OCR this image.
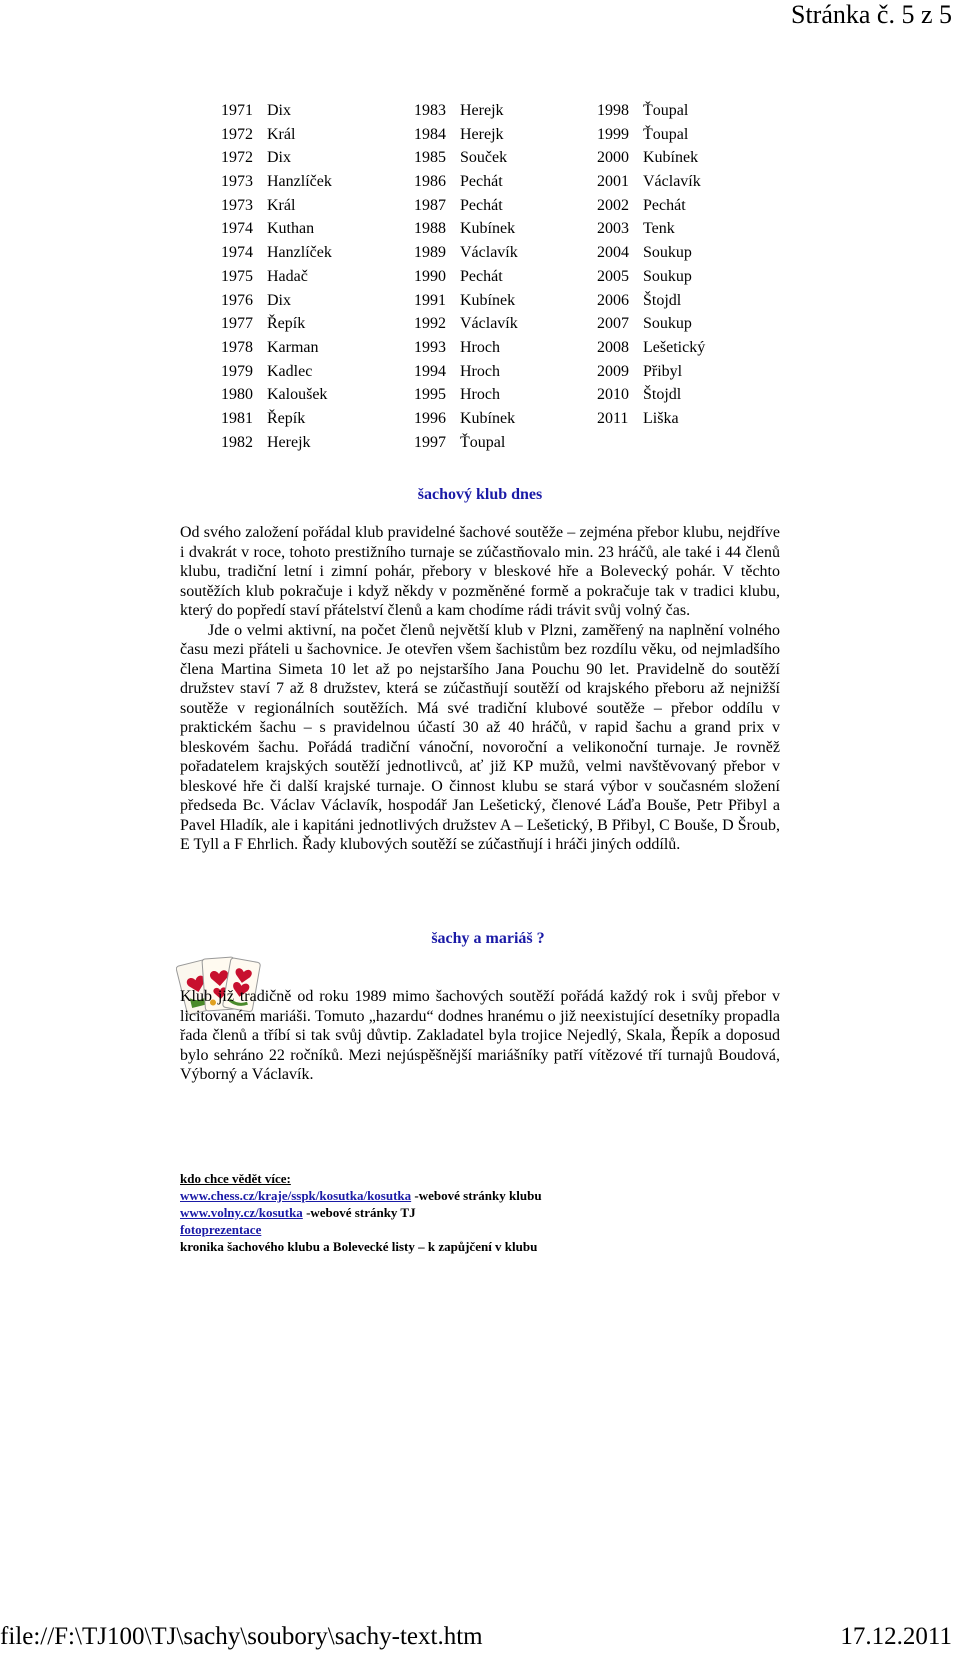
Stránka č. 5 z 5
1971 Dix
1972 Král
1972 Dix
1973 Hanzlíček
1973 Král
1974 Kuthan
1974 Hanzlíček
1975 Hadač
1976 Dix
1977 Řepík
1978 Karman
1979 Kadlec
1980 Kaloušek
1981 Řepík
1982 Herejk
1983 Herejk
1984 Herejk
1985 Souček
1986 Pechát
1987 Pechát
1988 Kubínek
1989 Václavík
1990 Pechát
1991 Kubínek
1992 Václavík
1993 Hroch
1994 Hroch
1995 Hroch
1996 Kubínek
1997 Ťoupal
1998 Ťoupal
1999 Ťoupal
2000 Kubínek
2001 Václavík
2002 Pechát
2003 Tenk
2004 Soukup
2005 Soukup
2006 Štojdl
2007 Soukup
2008 Lešetický
2009 Přibyl
2010 Štojdl
2011 Liška
šachový klub dnes

Od svého založení pořádal klub pravidelné šachové soutěže – zejména přebor klubu, nejdříve i dvakrát v roce, tohoto prestižního turnaje se zúčastňovalo min. 23 hráčů, ale také i 44 členů klubu, tradiční letní i zimní pohár, přebory v bleskové hře a Bolevecký pohár. V těchto soutěžích klub pokračuje i když někdy v pozměněné formě a pokračuje tak v tradici klubu, který do popředí staví přátelství členů a kam chodíme rádi trávit svůj volný čas.

Jde o velmi aktivní, na počet členů největší klub v Plzni, zaměřený na naplnění volného času mezi přáteli u šachovnice. Je otevřen všem šachistům bez rozdílu věku, od nejmladšího člena Martina Simeta 10 let až po nejstaršího Jana Pouchu 90 let. Pravidelně do soutěží družstev staví 7 až 8 družstev, která se zúčastňují soutěží od krajského přeboru až nejnižší soutěže v regionálních soutěžích. Má své tradiční klubové soutěže – přebor oddílu v praktickém šachu – s pravidelnou účastí 30 až 40 hráčů, v rapid šachu a grand prix v bleskovém šachu. Pořádá tradiční vánoční, novoroční a velikonoční turnaje. Je rovněž pořadatelem krajských soutěží jednotlivců, ať již KP mužů, velmi navštěvovaný přebor v bleskové hře či další krajské turnaje. O činnost klubu se stará výbor v současném složení předseda Bc. Václav Václavík, hospodář Jan Lešetický, členové Láďa Bouše, Petr Přibyl a Pavel Hladík, ale i kapitáni jednotlivých družstev A – Lešetický, B Přibyl, C Bouše, D Šroub, E Tyll a F Ehrlich. Řady klubových soutěží se zúčastňují i hráči jiných oddílů.

šachy a mariáš ?

Klub již tradičně od roku 1989 mimo šachových soutěží pořádá každý rok i svůj přebor v licitovaném mariáši. Tomuto „hazardu“ dodnes hranému o již neexistující desetníky propadla řada členů a tříbí si tak svůj důvtip. Zakladatel byla trojice Nejedlý, Skala, Řepík a doposud bylo sehráno 22 ročníků. Mezi nejúspěšnější mariášníky patří vítězové tří turnajů Boudová, Výborný a Václavík.

kdo chce vědět více:
www.chess.cz/kraje/sspk/kosutka/kosutka -webové stránky klubu
www.volny.cz/kosutka -webové stránky TJ
fotoprezentace
kronika šachového klubu a Bolevecké listy – k zapůjčení v klubu
file://F:\TJ100\TJ\sachy\soubory\sachy-text.htm	17.12.2011
